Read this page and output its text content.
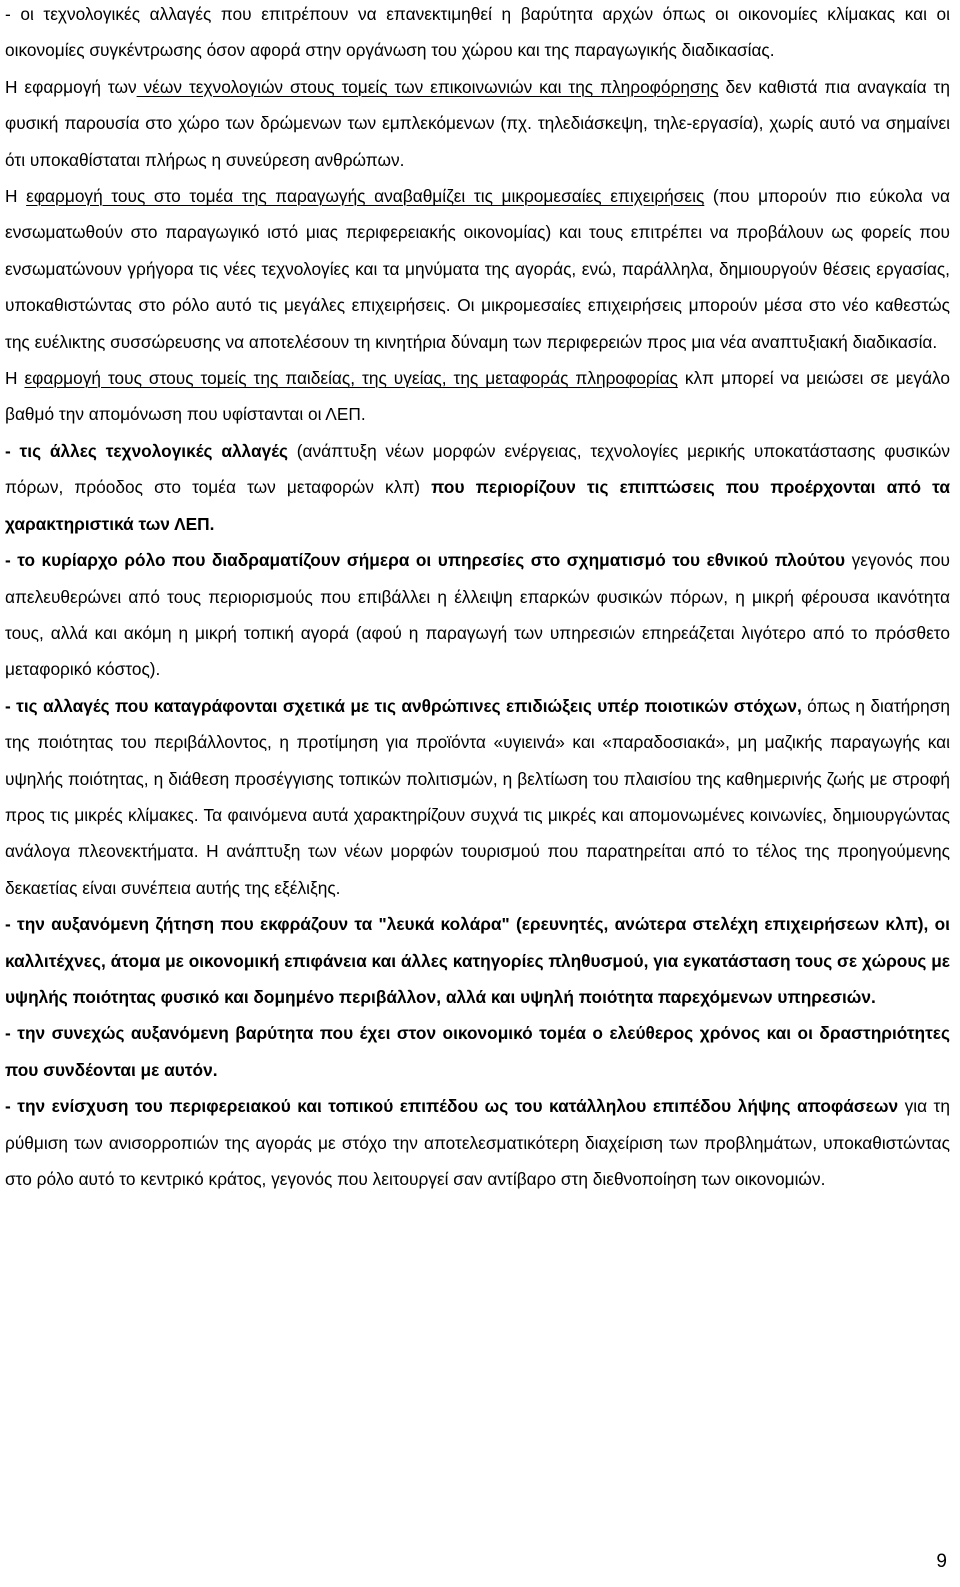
- οι τεχνολογικές αλλαγές που επιτρέπουν να επανεκτιμηθεί η βαρύτητα αρχών όπως οι οικονομίες κλίμακας και οι οικονομίες συγκέντρωσης όσον αφορά στην οργάνωση του χώρου και της παραγωγικής διαδικασίας.

Η εφαρμογή των νέων τεχνολογιών στους τομείς των επικοινωνιών και της πληροφόρησης δεν καθιστά πια αναγκαία τη φυσική παρουσία στο χώρο των δρώμενων των εμπλεκόμενων (πχ. τηλεδιάσκεψη, τηλε-εργασία), χωρίς αυτό να σημαίνει ότι υποκαθίσταται πλήρως η συνεύρεση ανθρώπων.

Η εφαρμογή τους στο τομέα της παραγωγής αναβαθμίζει τις μικρομεσαίες επιχειρήσεις (που μπορούν πιο εύκολα να ενσωματωθούν στο παραγωγικό ιστό μιας περιφερειακής οικονομίας) και τους επιτρέπει να προβάλουν ως φορείς που ενσωματώνουν γρήγορα τις νέες τεχνολογίες και τα μηνύματα της αγοράς, ενώ, παράλληλα, δημιουργούν θέσεις εργασίας, υποκαθιστώντας στο ρόλο αυτό τις μεγάλες επιχειρήσεις. Οι μικρομεσαίες επιχειρήσεις μπορούν μέσα στο νέο καθεστώς της ευέλικτης συσσώρευσης να αποτελέσουν τη κινητήρια δύναμη των περιφερειών προς μια νέα αναπτυξιακή διαδικασία.

Η εφαρμογή τους στους τομείς της παιδείας, της υγείας, της μεταφοράς πληροφορίας κλπ μπορεί να μειώσει σε μεγάλο βαθμό την απομόνωση που υφίστανται οι ΛΕΠ.

- τις άλλες τεχνολογικές αλλαγές (ανάπτυξη νέων μορφών ενέργειας, τεχνολογίες μερικής υποκατάστασης φυσικών πόρων, πρόοδος στο τομέα των μεταφορών κλπ) που περιορίζουν τις επιπτώσεις που προέρχονται από τα χαρακτηριστικά των ΛΕΠ.

- το κυρίαρχο ρόλο που διαδραματίζουν σήμερα οι υπηρεσίες στο σχηματισμό του εθνικού πλούτου γεγονός που απελευθερώνει από τους περιορισμούς που επιβάλλει η έλλειψη επαρκών φυσικών πόρων, η μικρή φέρουσα ικανότητα τους, αλλά και ακόμη η μικρή τοπική αγορά (αφού η παραγωγή των υπηρεσιών επηρεάζεται λιγότερο από το πρόσθετο μεταφορικό κόστος).

- τις αλλαγές που καταγράφονται σχετικά με τις ανθρώπινες επιδιώξεις υπέρ ποιοτικών στόχων, όπως η διατήρηση της ποιότητας του περιβάλλοντος, η προτίμηση για προϊόντα «υγιεινά» και «παραδοσιακά», μη μαζικής παραγωγής και υψηλής ποιότητας, η διάθεση προσέγγισης τοπικών πολιτισμών, η βελτίωση του πλαισίου της καθημερινής ζωής με στροφή προς τις μικρές κλίμακες. Τα φαινόμενα αυτά χαρακτηρίζουν συχνά τις μικρές και απομονωμένες κοινωνίες, δημιουργώντας ανάλογα πλεονεκτήματα. Η ανάπτυξη των νέων μορφών τουρισμού που παρατηρείται από το τέλος της προηγούμενης δεκαετίας είναι συνέπεια αυτής της εξέλιξης.

- την αυξανόμενη ζήτηση που εκφράζουν τα "λευκά κολάρα" (ερευνητές, ανώτερα στελέχη επιχειρήσεων κλπ), οι καλλιτέχνες, άτομα με οικονομική επιφάνεια και άλλες κατηγορίες πληθυσμού, για εγκατάσταση τους σε χώρους με υψηλής ποιότητας φυσικό και δομημένο περιβάλλον, αλλά και υψηλή ποιότητα παρεχόμενων υπηρεσιών.

- την συνεχώς αυξανόμενη βαρύτητα που έχει στον οικονομικό τομέα ο ελεύθερος χρόνος και οι δραστηριότητες που συνδέονται με αυτόν.

- την ενίσχυση του περιφερειακού και τοπικού επιπέδου ως του κατάλληλου επιπέδου λήψης αποφάσεων για τη ρύθμιση των ανισορροπιών της αγοράς με στόχο την αποτελεσματικότερη διαχείριση των προβλημάτων, υποκαθιστώντας στο ρόλο αυτό το κεντρικό κράτος, γεγονός που λειτουργεί σαν αντίβαρο στη διεθνοποίηση των οικονομιών.

9
